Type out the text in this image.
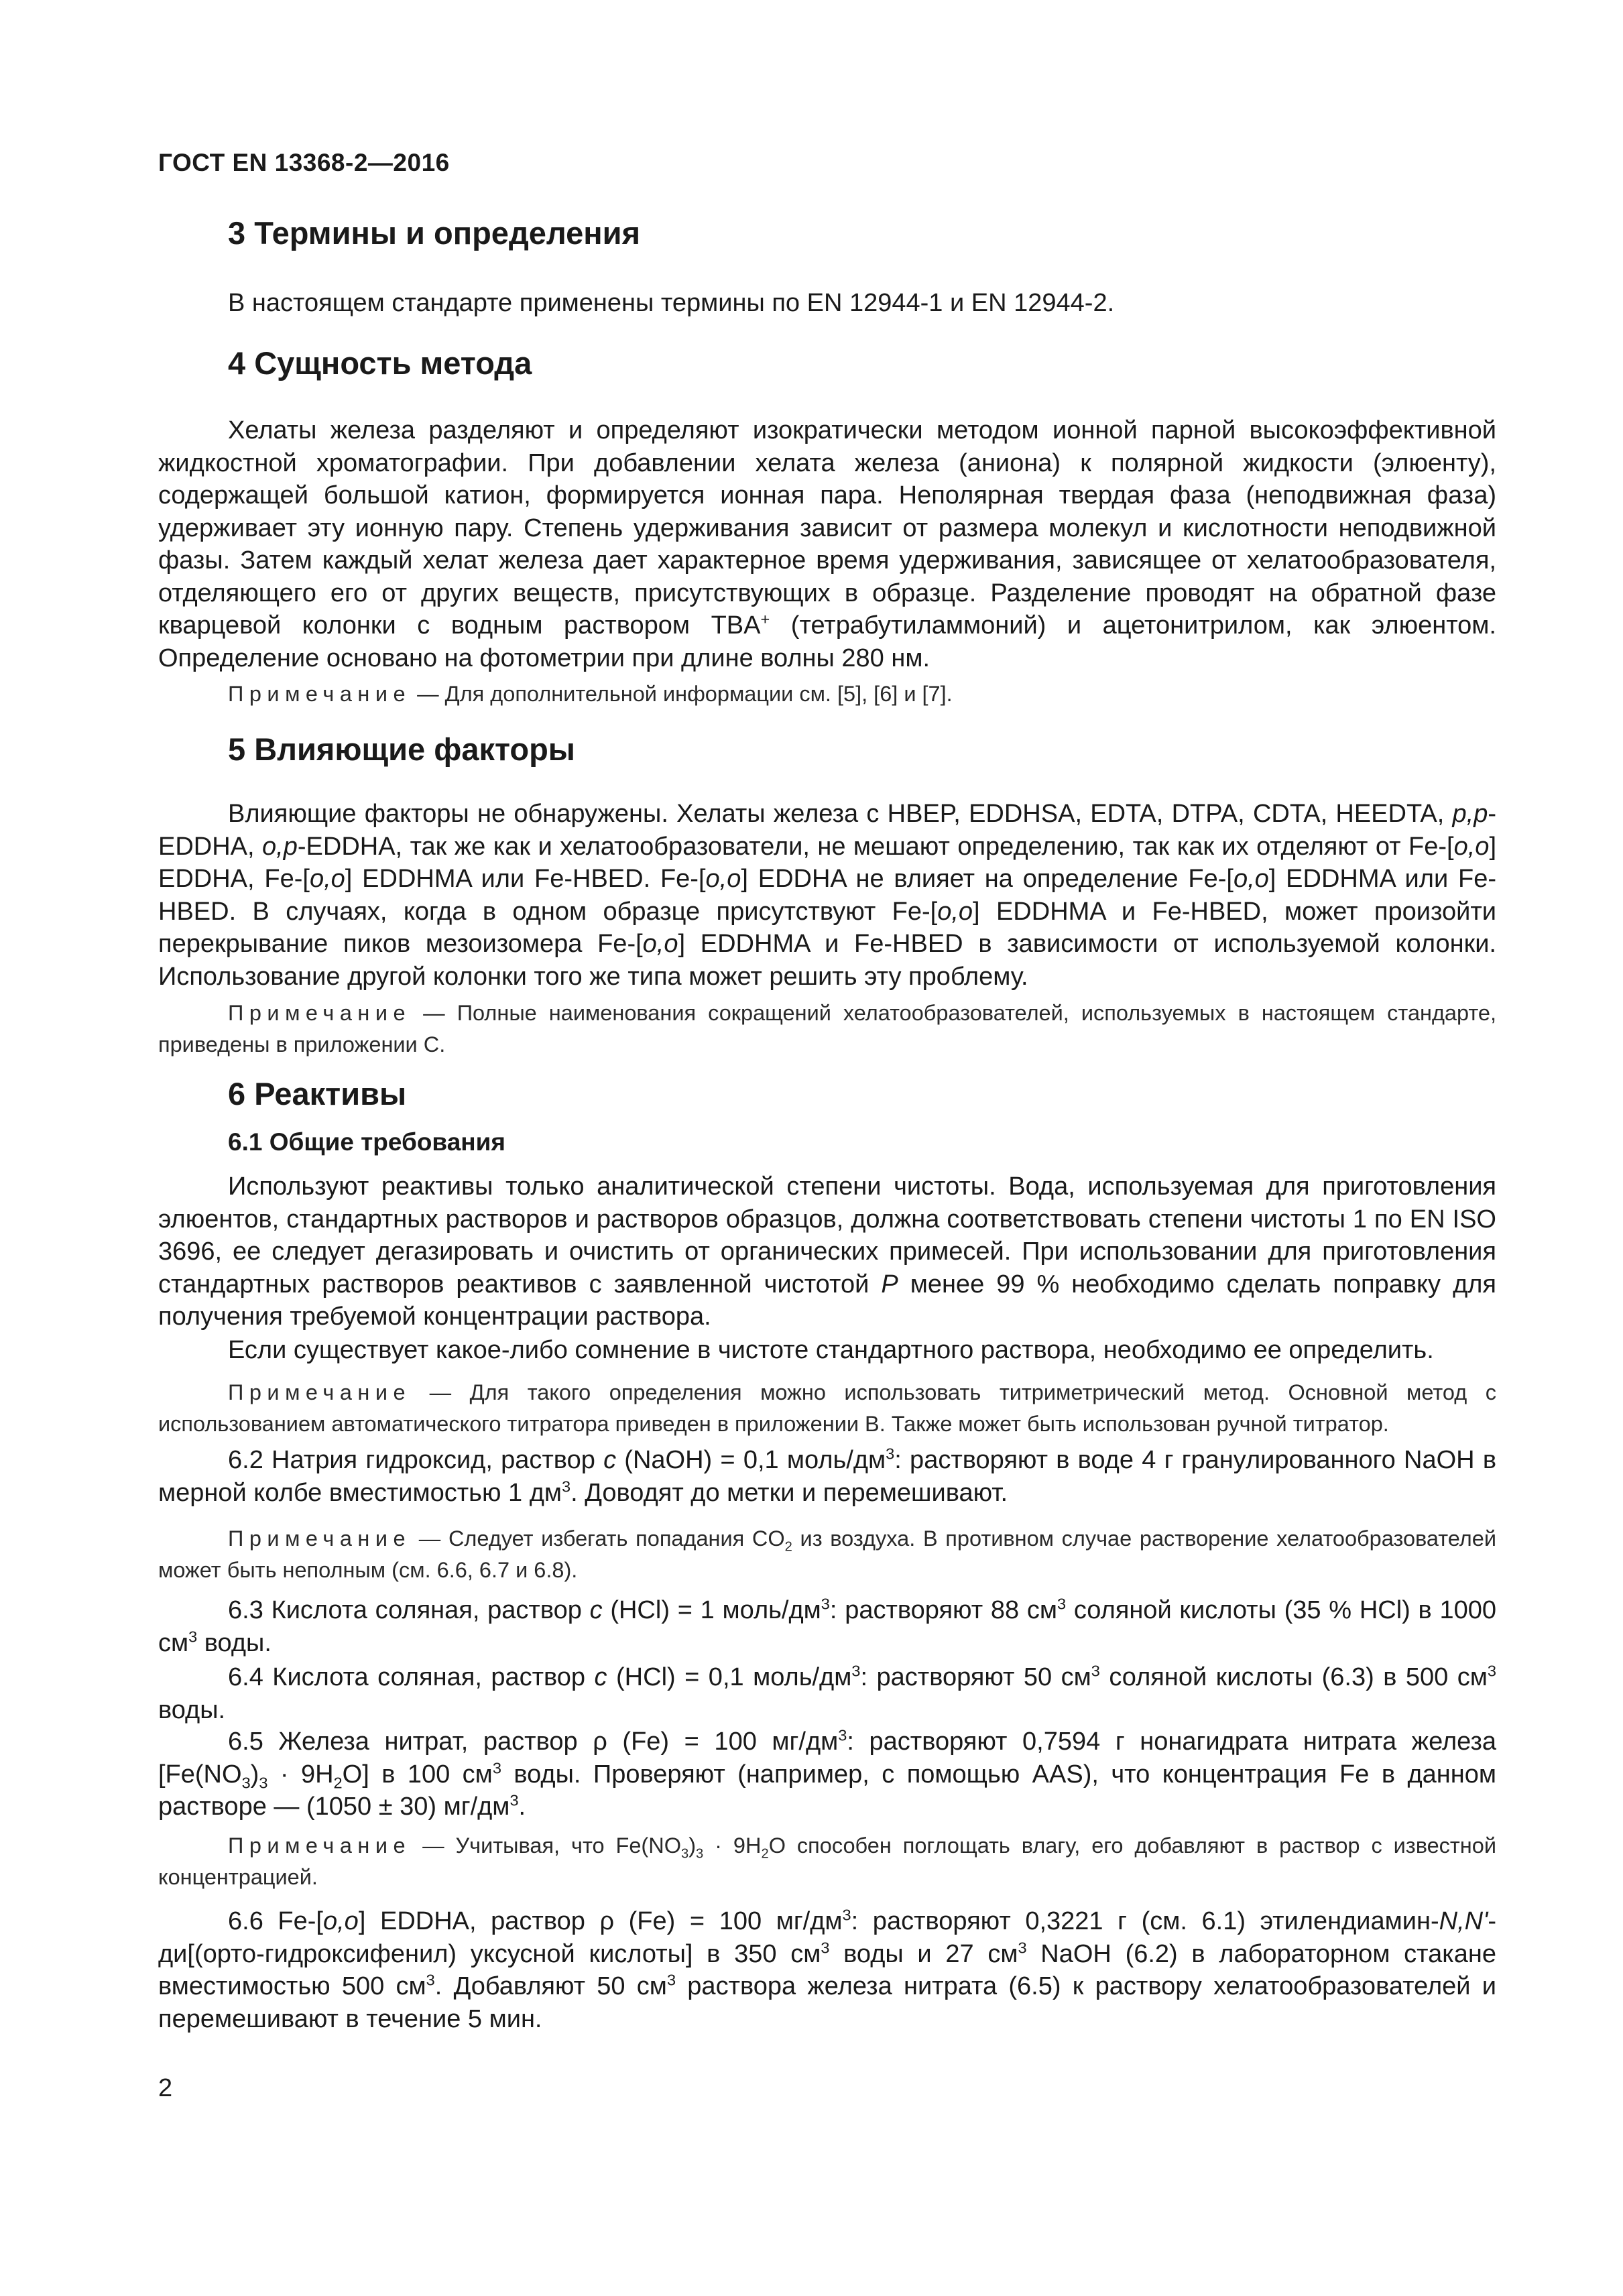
ГОСТ EN 13368-2—2016
3 Термины и определения
В настоящем стандарте применены термины по EN 12944-1 и EN 12944-2.
4 Сущность метода
Хелаты железа разделяют и определяют изократически методом ионной парной высокоэффективной жидкостной хроматографии. При добавлении хелата железа (аниона) к полярной жидкости (элюенту), содержащей большой катион, формируется ионная пара. Неполярная твердая фаза (неподвижная фаза) удерживает эту ионную пару. Степень удерживания зависит от размера молекул и кислотности неподвижной фазы. Затем каждый хелат железа дает характерное время удерживания, зависящее от хелатообразователя, отделяющего его от других веществ, присутствующих в образце. Разделение проводят на обратной фазе кварцевой колонки с водным раствором TBA+ (тетрабутиламмоний) и ацетонитрилом, как элюентом. Определение основано на фотометрии при длине волны 280 нм.
Примечание — Для дополнительной информации см. [5], [6] и [7].
5 Влияющие факторы
Влияющие факторы не обнаружены. Хелаты железа с HBEP, EDDHSA, EDTA, DTPA, CDTA, HEEDTA, p,p-EDDHA, o,p-EDDHA, так же как и хелатообразователи, не мешают определению, так как их отделяют от Fe-[o,o] EDDHA, Fe-[o,o] EDDHMA или Fe-HBED. Fe-[o,o] EDDHA не влияет на определение Fe-[o,o] EDDHMA или Fe-HBED. В случаях, когда в одном образце присутствуют Fe-[o,o] EDDHMA и Fe-HBED, может произойти перекрывание пиков мезоизомера Fe-[o,o] EDDHMA и Fe-HBED в зависимости от используемой колонки. Использование другой колонки того же типа может решить эту проблему.
Примечание — Полные наименования сокращений хелатообразователей, используемых в настоящем стандарте, приведены в приложении С.
6 Реактивы
6.1 Общие требования
Используют реактивы только аналитической степени чистоты. Вода, используемая для приготовления элюентов, стандартных растворов и растворов образцов, должна соответствовать степени чистоты 1 по EN ISO 3696, ее следует дегазировать и очистить от органических примесей. При использовании для приготовления стандартных растворов реактивов с заявленной чистотой P менее 99 % необходимо сделать поправку для получения требуемой концентрации раствора.
Если существует какое-либо сомнение в чистоте стандартного раствора, необходимо ее определить.
Примечание — Для такого определения можно использовать титриметрический метод. Основной метод с использованием автоматического титратора приведен в приложении В. Также может быть использован ручной титратор.
6.2 Натрия гидроксид, раствор c (NaOH) = 0,1 моль/$дм^3$: растворяют в воде 4 г гранулированного NaOH в мерной колбе вместимостью 1 $дм^3$. Доводят до метки и перемешивают.
Примечание — Следует избегать попадания $CO_2$ из воздуха. В противном случае растворение хелатообразователей может быть неполным (см. 6.6, 6.7 и 6.8).
6.3 Кислота соляная, раствор c (HCl) = 1 моль/$дм^3$: растворяют 88 $см^3$ соляной кислоты (35 % HCl) в 1000 $см^3$ воды.
6.4 Кислота соляная, раствор c (HCl) = 0,1 моль/$дм^3$: растворяют 50 $см^3$ соляной кислоты (6.3) в 500 $см^3$ воды.
6.5 Железа нитрат, раствор ρ (Fe) = 100 $мг/дм^3$: растворяют 0,7594 г нонагидрата нитрата железа $[Fe(NO_3)_3 \cdot 9H_2O]$ в 100 $см^3$ воды. Проверяют (например, с помощью AAS), что концентрация Fe в данном растворе — (1050 ± 30) $мг/дм^3$.
Примечание — Учитывая, что $Fe(NO_3)_3 \cdot 9H_2O$ способен поглощать влагу, его добавляют в раствор с известной концентрацией.
6.6 Fe-[o,o] EDDHA, раствор ρ (Fe) = 100 $мг/дм^3$: растворяют 0,3221 г (см. 6.1) этилендиамин-N,N'-ди[(орто-гидроксифенил) уксусной кислоты] в 350 $см^3$ воды и 27 $см^3$ NaOH (6.2) в лабораторном стакане вместимостью 500 $см^3$. Добавляют 50 $см^3$ раствора железа нитрата (6.5) к раствору хелатообразователей и перемешивают в течение 5 мин.
2
